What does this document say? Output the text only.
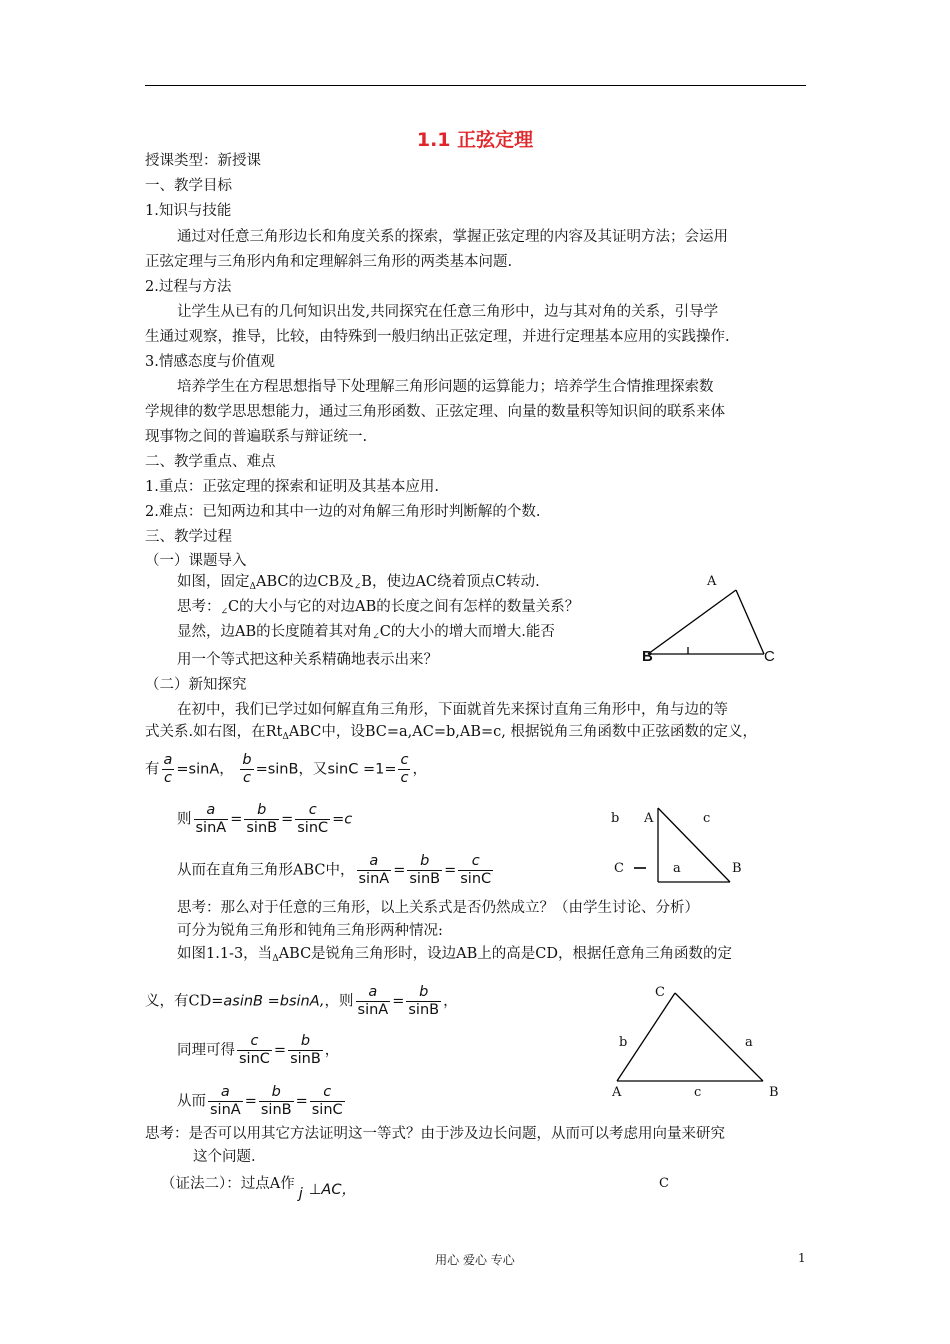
1.1 正弦定理
授课类型：新授课
一、教学目标
1.知识与技能
通过对任意三角形边长和角度关系的探索，掌握正弦定理的内容及其证明方法；会运用
正弦定理与三角形内角和定理解斜三角形的两类基本问题.
2.过程与方法
让学生从已有的几何知识出发,共同探究在任意三角形中，边与其对角的关系，引导学
生通过观察，推导，比较，由特殊到一般归纳出正弦定理，并进行定理基本应用的实践操作.
3.情感态度与价值观
培养学生在方程思想指导下处理解三角形问题的运算能力；培养学生合情推理探索数
学规律的数学思思想能力，通过三角形函数、正弦定理、向量的数量积等知识间的联系来体
现事物之间的普遍联系与辩证统一.
二、教学重点、难点
1.重点：正弦定理的探索和证明及其基本应用.
2.难点：已知两边和其中一边的对角解三角形时判断解的个数.
三、教学过程
（一）课题导入
如图，固定$_\Delta$ABC的边CB及$_\angle$B，使边AC绕着顶点C转动.
思考：$_\angle$C的大小与它的对边AB的长度之间有怎样的数量关系？
显然，边AB的长度随着其对角$_\angle$C的大小的增大而增大.能否
用一个等式把这种关系精确地表示出来？
A
B	C
（二）新知探究
在初中，我们已学过如何解直角三角形，下面就首先来探讨直角三角形中，角与边的等
式关系.如右图，在$Rt_\Delta ABC$中，设BC=a,AC=b,AB=c, 根据锐角三角函数中正弦函数的定义，
有 $\frac{a}{c} =\sin A$， $\frac{b}{c} =\sin B$，又$\sin C =1= \frac{c}{c}$ ，
则 $\frac{a}{\sin A} = \frac{b}{\sin B} = \frac{c}{\sin C} =c$
从而在直角三角形ABC中， $\frac{a}{\sin A} = \frac{b}{\sin B} = \frac{c}{\sin C}$
b A	c
C	a	B
思考：那么对于任意的三角形，以上关系式是否仍然成立？（由学生讨论、分析）
可分为锐角三角形和钝角三角形两种情况:
如图1.1-3，当$_\Delta$ABC是锐角三角形时，设边AB上的高是CD，根据任意角三角函数的定
义，有CD=asinB =bsinA,，则 $\frac{a}{\sin A} = \frac{b}{\sin B}$ ，
同理可得 $\frac{c}{\sin C} = \frac{b}{\sin B}$ ，
从而 $\frac{a}{\sin A} = \frac{b}{\sin B} = \frac{c}{\sin C}$
C
b	a
A	c	B
思考：是否可以用其它方法证明这一等式？由于涉及边长问题，从而可以考虑用向量来研究
这个问题.
（证法二）：过点A作j ⊥AC，	C
用心 爱心 专心	1
